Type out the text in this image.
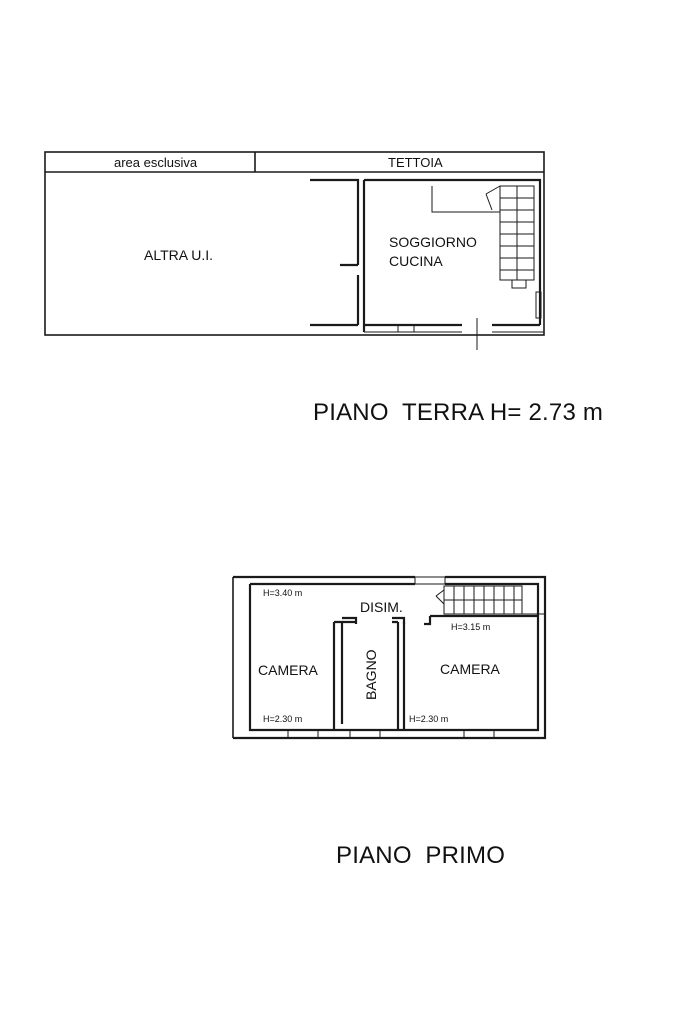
area esclusiva	TETTOIA
ALTRA U.I.
SOGGIORNO
CUCINA
H=3.40 m
DISIM.
H=3.15 m
CAMERA	CAMERA
BAGNO
H=2.30 m	H=2.30 m
PIANO  TERRA H= 2.73 m
PIANO  PRIMO
